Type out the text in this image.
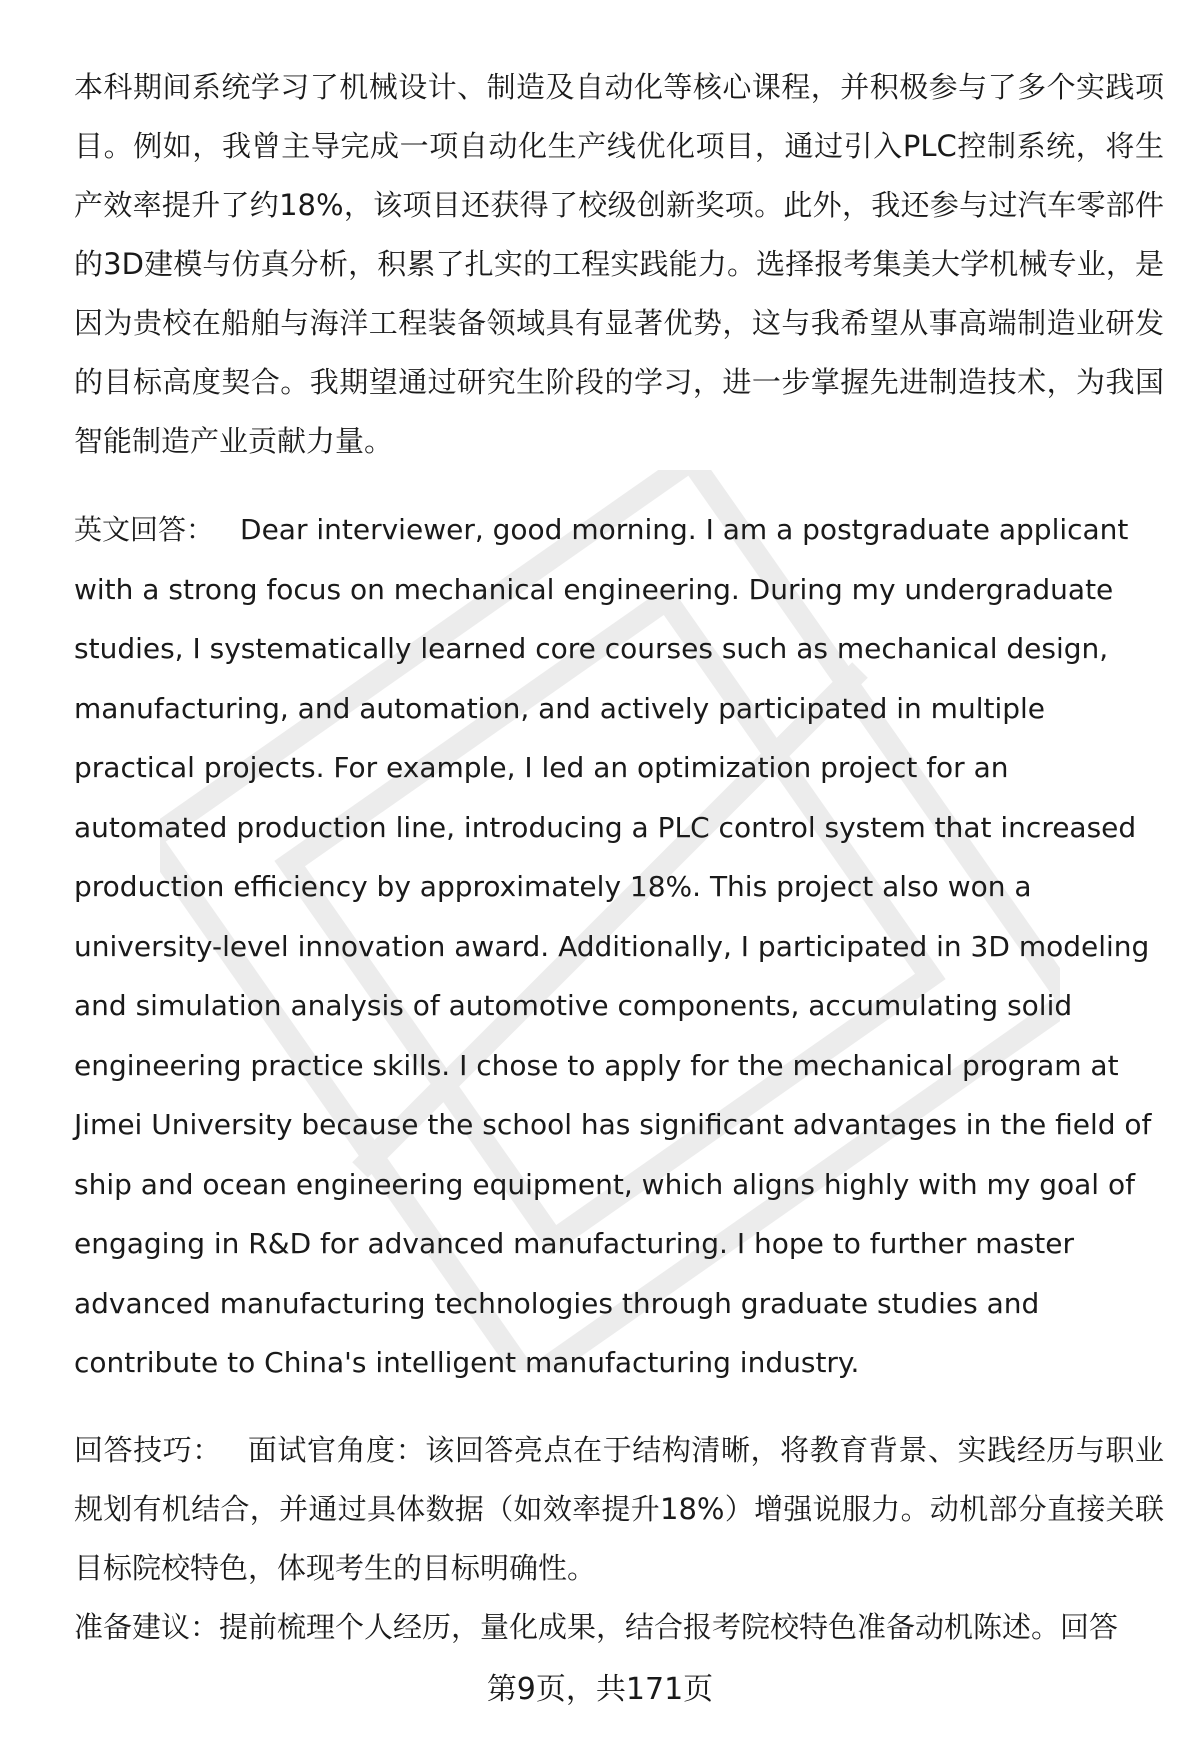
本科期间系统学习了机械设计、制造及自动化等核心课程，并积极参与了多个实践项目。例如，我曾主导完成一项自动化生产线优化项目，通过引入PLC控制系统，将生产效率提升了约18%，该项目还获得了校级创新奖项。此外，我还参与过汽车零部件的3D建模与仿真分析，积累了扎实的工程实践能力。选择报考集美大学机械专业，是因为贵校在船舶与海洋工程装备领域具有显著优势，这与我希望从事高端制造业研发的目标高度契合。我期望通过研究生阶段的学习，进一步掌握先进制造技术，为我国智能制造产业贡献力量。

英文回答： Dear interviewer, good morning. I am a postgraduate applicant with a strong focus on mechanical engineering. During my undergraduate studies, I systematically learned core courses such as mechanical design, manufacturing, and automation, and actively participated in multiple practical projects. For example, I led an optimization project for an automated production line, introducing a PLC control system that increased production efficiency by approximately 18%. This project also won a university-level innovation award. Additionally, I participated in 3D modeling and simulation analysis of automotive components, accumulating solid engineering practice skills. I chose to apply for the mechanical program at Jimei University because the school has significant advantages in the field of ship and ocean engineering equipment, which aligns highly with my goal of engaging in R&D for advanced manufacturing. I hope to further master advanced manufacturing technologies through graduate studies and contribute to China's intelligent manufacturing industry.

回答技巧： 面试官角度：该回答亮点在于结构清晰，将教育背景、实践经历与职业规划有机结合，并通过具体数据（如效率提升18%）增强说服力。动机部分直接关联目标院校特色，体现考生的目标明确性。

准备建议：提前梳理个人经历，量化成果，结合报考院校特色准备动机陈述。回答

第9页，共171页
